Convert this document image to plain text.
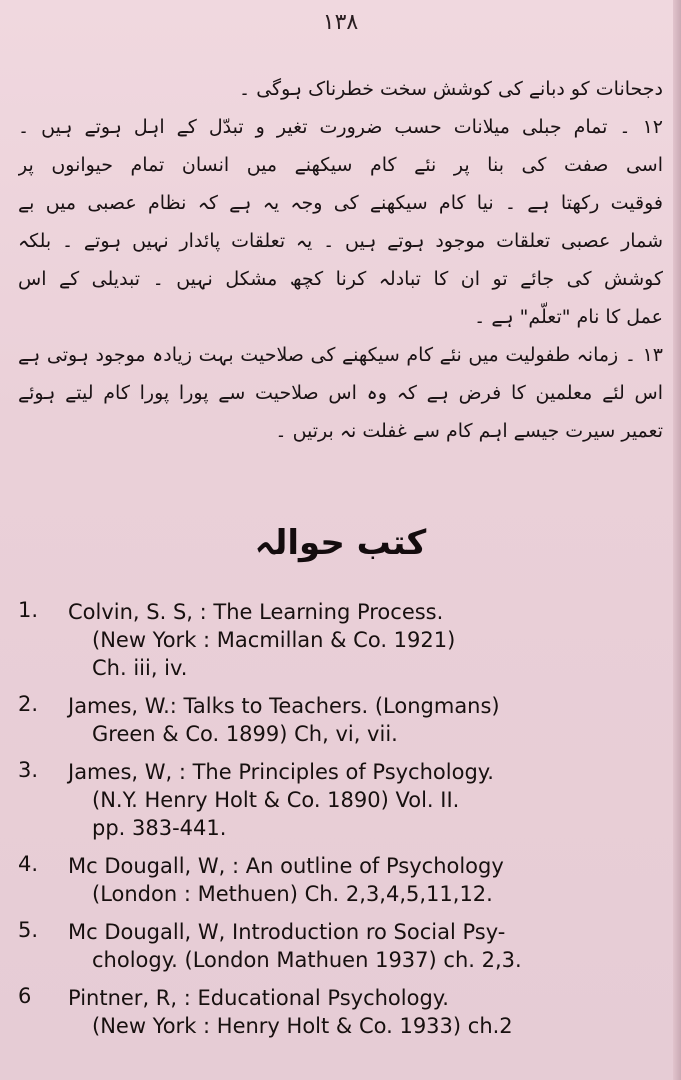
۱۳۸
دجحانات کو دبانے کی کوشش سخت خطرناک ہوگی ۔
۱۲ ۔ تمام جبلی میلانات حسب ضرورت تغیر و تبدّل کے اہل ہوتے ہیں ۔
اسی صفت کی بنا پر نئے کام سیکھنے میں انسان تمام حیوانوں پر
فوقیت رکھتا ہے ۔ نیا کام سیکھنے کی وجہ یہ ہے کہ نظام عصبی میں بے
شمار عصبی تعلقات موجود ہوتے ہیں ۔ یہ تعلقات پائدار نہیں ہوتے ۔ بلکہ
کوشش کی جائے تو ان کا تبادلہ کرنا کچھ مشکل نہیں ۔ تبدیلی کے اس
عمل کا نام "تعلّم" ہے ۔
۱۳ ۔ زمانہ طفولیت میں نئے کام سیکھنے کی صلاحیت بہت زیادہ موجود ہوتی ہے
اس لئے معلمین کا فرض ہے کہ وہ اس صلاحیت سے پورا پورا کام لیتے ہوئے
تعمیر سیرت جیسے اہم کام سے غفلت نہ برتیں ۔
کتب حوالہ
1. Colvin, S. S, : The Learning Process.
(New York : Macmillan & Co. 1921)
Ch. iii, iv.
2. James, W.: Talks to Teachers. (Longmans)
Green & Co. 1899) Ch, vi, vii.
3. James, W, : The Principles of Psychology.
(N.Y. Henry Holt & Co. 1890) Vol. II.
pp. 383-441.
4. Mc Dougall, W, : An outline of Psychology
(London : Methuen) Ch. 2,3,4,5,11,12.
5. Mc Dougall, W, Introduction ro Social Psy-
chology. (London Mathuen 1937) ch. 2,3.
6 Pintner, R, : Educational Psychology.
(New York : Henry Holt & Co. 1933) ch.2
